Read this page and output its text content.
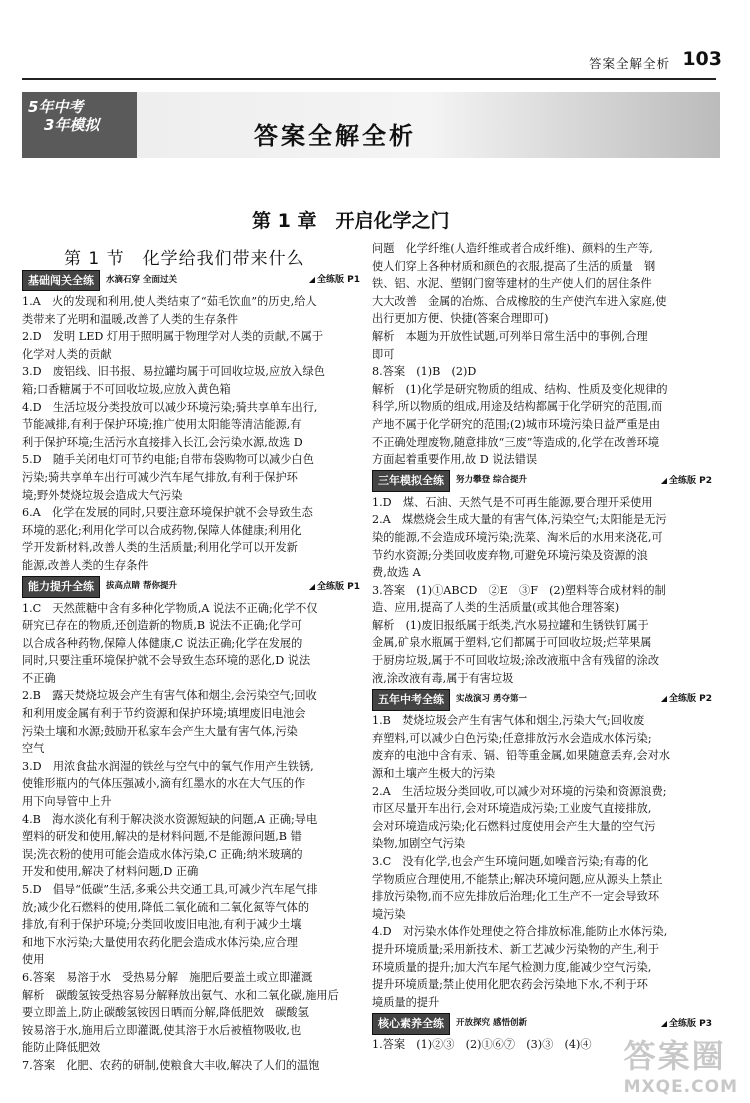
答案全解全析 103
5年中考
3年模拟	答案全解全析
第 1 章　开启化学之门
第 1 节　化学给我们带来什么
基础闯关全练	水滴石穿 全面过关	◢ 全练版 P1
1.A　火的发现和利用,使人类结束了“茹毛饮血”的历史,给人
类带来了光明和温暖,改善了人类的生存条件
2.D　发明 LED 灯用于照明属于物理学对人类的贡献,不属于
化学对人类的贡献
3.D　废铝线、旧书报、易拉罐均属于可回收垃圾,应放入绿色
箱;口香糖属于不可回收垃圾,应放入黄色箱
4.D　生活垃圾分类投放可以减少环境污染;骑共享单车出行,
节能减排,有利于保护环境;推广使用太阳能等清洁能源,有
利于保护环境;生活污水直接排入长江,会污染水源,故选 D
5.D　随手关闭电灯可节约电能;自带布袋购物可以减少白色
污染;骑共享单车出行可减少汽车尾气排放,有利于保护环
境;野外焚烧垃圾会造成大气污染
6.A　化学在发展的同时,只要注意环境保护就不会导致生态
环境的恶化;利用化学可以合成药物,保障人体健康;利用化
学开发新材料,改善人类的生活质量;利用化学可以开发新
能源,改善人类的生存条件
能力提升全练	拔高点睛 帮你提升	◢ 全练版 P1
1.C　天然蔗糖中含有多种化学物质,A 说法不正确;化学不仅
研究已存在的物质,还创造新的物质,B 说法不正确;化学可
以合成各种药物,保障人体健康,C 说法正确;化学在发展的
同时,只要注重环境保护就不会导致生态环境的恶化,D 说法
不正确
2.B　露天焚烧垃圾会产生有害气体和烟尘,会污染空气;回收
和利用废金属有利于节约资源和保护环境;填埋废旧电池会
污染土壤和水源;鼓励开私家车会产生大量有害气体,污染
空气
3.D　用浓食盐水润湿的铁丝与空气中的氧气作用产生铁锈,
使锥形瓶内的气体压强减小,滴有红墨水的水在大气压的作
用下向导管中上升
4.B　海水淡化有利于解决淡水资源短缺的问题,A 正确;导电
塑料的研发和使用,解决的是材料问题,不是能源问题,B 错
误;洗衣粉的使用可能会造成水体污染,C 正确;纳米玻璃的
开发和使用,解决了材料问题,D 正确
5.D　倡导“低碳”生活,多乘公共交通工具,可减少汽车尾气排
放;减少化石燃料的使用,降低二氧化硫和二氧化氮等气体的
排放,有利于保护环境;分类回收废旧电池,有利于减少土壤
和地下水污染;大量使用农药化肥会造成水体污染,应合理
使用
6.答案　易溶于水　受热易分解　施肥后要盖土或立即灌溉
解析　碳酸氢铵受热容易分解释放出氨气、水和二氧化碳,施用后
要立即盖上,防止碳酸氢铵因日晒而分解,降低肥效　碳酸氢
铵易溶于水,施用后立即灌溉,使其溶于水后被植物吸收,也
能防止降低肥效
7.答案　化肥、农药的研制,使粮食大丰收,解决了人们的温饱
问题　化学纤维(人造纤维或者合成纤维)、颜料的生产等,
使人们穿上各种材质和颜色的衣服,提高了生活的质量　钢
铁、铝、水泥、塑钢门窗等建材的生产使人们的居住条件
大大改善　金属的冶炼、合成橡胶的生产使汽车进入家庭,使
出行更加方便、快捷(答案合理即可)
解析　本题为开放性试题,可列举日常生活中的事例,合理
即可
8.答案　(1)B　(2)D
解析　(1)化学是研究物质的组成、结构、性质及变化规律的
科学,所以物质的组成,用途及结构都属于化学研究的范围,而
产地不属于化学研究的范围;(2)城市环境污染日益严重是由
不正确处理废物,随意排放“三废”等造成的,化学在改善环境
方面起着重要作用,故 D 说法错误
三年模拟全练	努力攀登 综合提升	◢ 全练版 P2
1.D　煤、石油、天然气是不可再生能源,要合理开采使用
2.A　煤燃烧会生成大量的有害气体,污染空气;太阳能是无污
染的能源,不会造成环境污染;洗菜、淘米后的水用来浇花,可
节约水资源;分类回收废弃物,可避免环境污染及资源的浪
费,故选 A
3.答案　(1)①ABCD　②E　③F　(2)塑料等合成材料的制
造、应用,提高了人类的生活质量(或其他合理答案)
解析　(1)废旧报纸属于纸类,汽水易拉罐和生锈铁钉属于
金属,矿泉水瓶属于塑料,它们都属于可回收垃圾;烂苹果属
于厨房垃圾,属于不可回收垃圾;涂改液瓶中含有残留的涂改
液,涂改液有毒,属于有害垃圾
五年中考全练	实战演习 勇夺第一	◢ 全练版 P2
1.B　焚烧垃圾会产生有害气体和烟尘,污染大气;回收废
弃塑料,可以减少白色污染;任意排放污水会造成水体污染;
废弃的电池中含有汞、镉、铅等重金属,如果随意丢弃,会对水
源和土壤产生极大的污染
2.A　生活垃圾分类回收,可以减少对环境的污染和资源浪费;
市区尽量开车出行,会对环境造成污染;工业废气直接排放,
会对环境造成污染;化石燃料过度使用会产生大量的空气污
染物,加剧空气污染
3.C　没有化学,也会产生环境问题,如噪音污染;有毒的化
学物质应合理使用,不能禁止;解决环境问题,应从源头上禁止
排放污染物,而不应先排放后治理;化工生产不一定会导致环
境污染
4.D　对污染水体作处理使之符合排放标准,能防止水体污染,
提升环境质量;采用新技术、新工艺减少污染物的产生,利于
环境质量的提升;加大汽车尾气检测力度,能减少空气污染,
提升环境质量;禁止使用化肥农药会污染地下水,不利于环
境质量的提升
核心素养全练	开放探究 感悟创新	◢ 全练版 P3
1.答案　(1)②③　(2)①⑥⑦　(3)③　(4)④	答案圈
MXQE.COM
